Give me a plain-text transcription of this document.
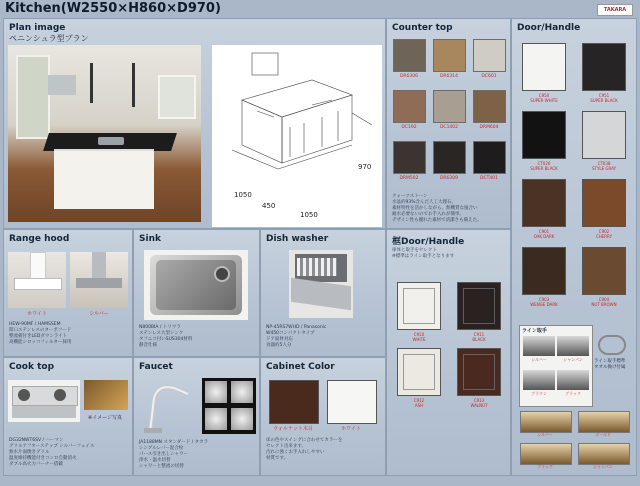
Kitchen(W2550×H860×D970)	TAKARA
Plan image
ペニンシュラ型プラン
970
1050
450
1050
Counter top
DR6306	DR6314	DC601
DC192	DC1402	DRM604
DRM502	DR6309	DCT401
クォーツストーン
水晶約93%含んだ人工大理石。
素材特性を活かしながら、無機質な風合い
耐水必要ないのでお手入れが簡単。
デザイン性も優れた素材で清潔さも備えた。
Door/Handle
C950
SUPER WHITE
C951
SUPER BLACK
CT020
SUPER BLACK
CT038
STYLE GRAY
C901
OAK DARK
C902
CHERRY
C903
WENGE DARK
C904
NUT BROWN
ライン取手
シルバー	シャンパン
ブラウン	ブラック
ライン取手標準
タオル換け付属
シルバー	ゴールド
ブラック	シャンパン
框Door/Handle
扉体と取手をセレクト
※標準はライン取手となります
C910
WHITE
C911
BLACK
C912
ASH
C913
WALNUT
Range hood
ホワイト	シルバー
HEW-90MF / HAMSSEM
間口ステンレスのターボフード
整流板付きLEDダウンライト
高機能シロッコフィルター採用
Sink
N800BIA / トリウラ
ステンレス大型シンク
タフニコ付いSUS304材料
静音仕様
Dish washer
NP-45RS7WHD / Panasonic
W450コンパクトタイプ
ドア面材対応
食器約5人分
Cook top
※イメージ写真
DG32NWT6SV / ハーマン
グリルアフターステップ シルバーフェイス
無水片面焼きグリル
温度維持機能付きコンロ自動消火
ダブル高火力バーナー搭載
Faucet
JA1188MN スタンダード / タカラ
シングルレバー混合栓
パース引き出しシャワー
浄水・温水切替
シャワーと整流の切替
Cabinet Color
ウォルナット木目	ホワイト
床の色やスイングに合わせてカラーを
セレクト出来ます。
汚れに強くお手入れしやすい
材質です。
